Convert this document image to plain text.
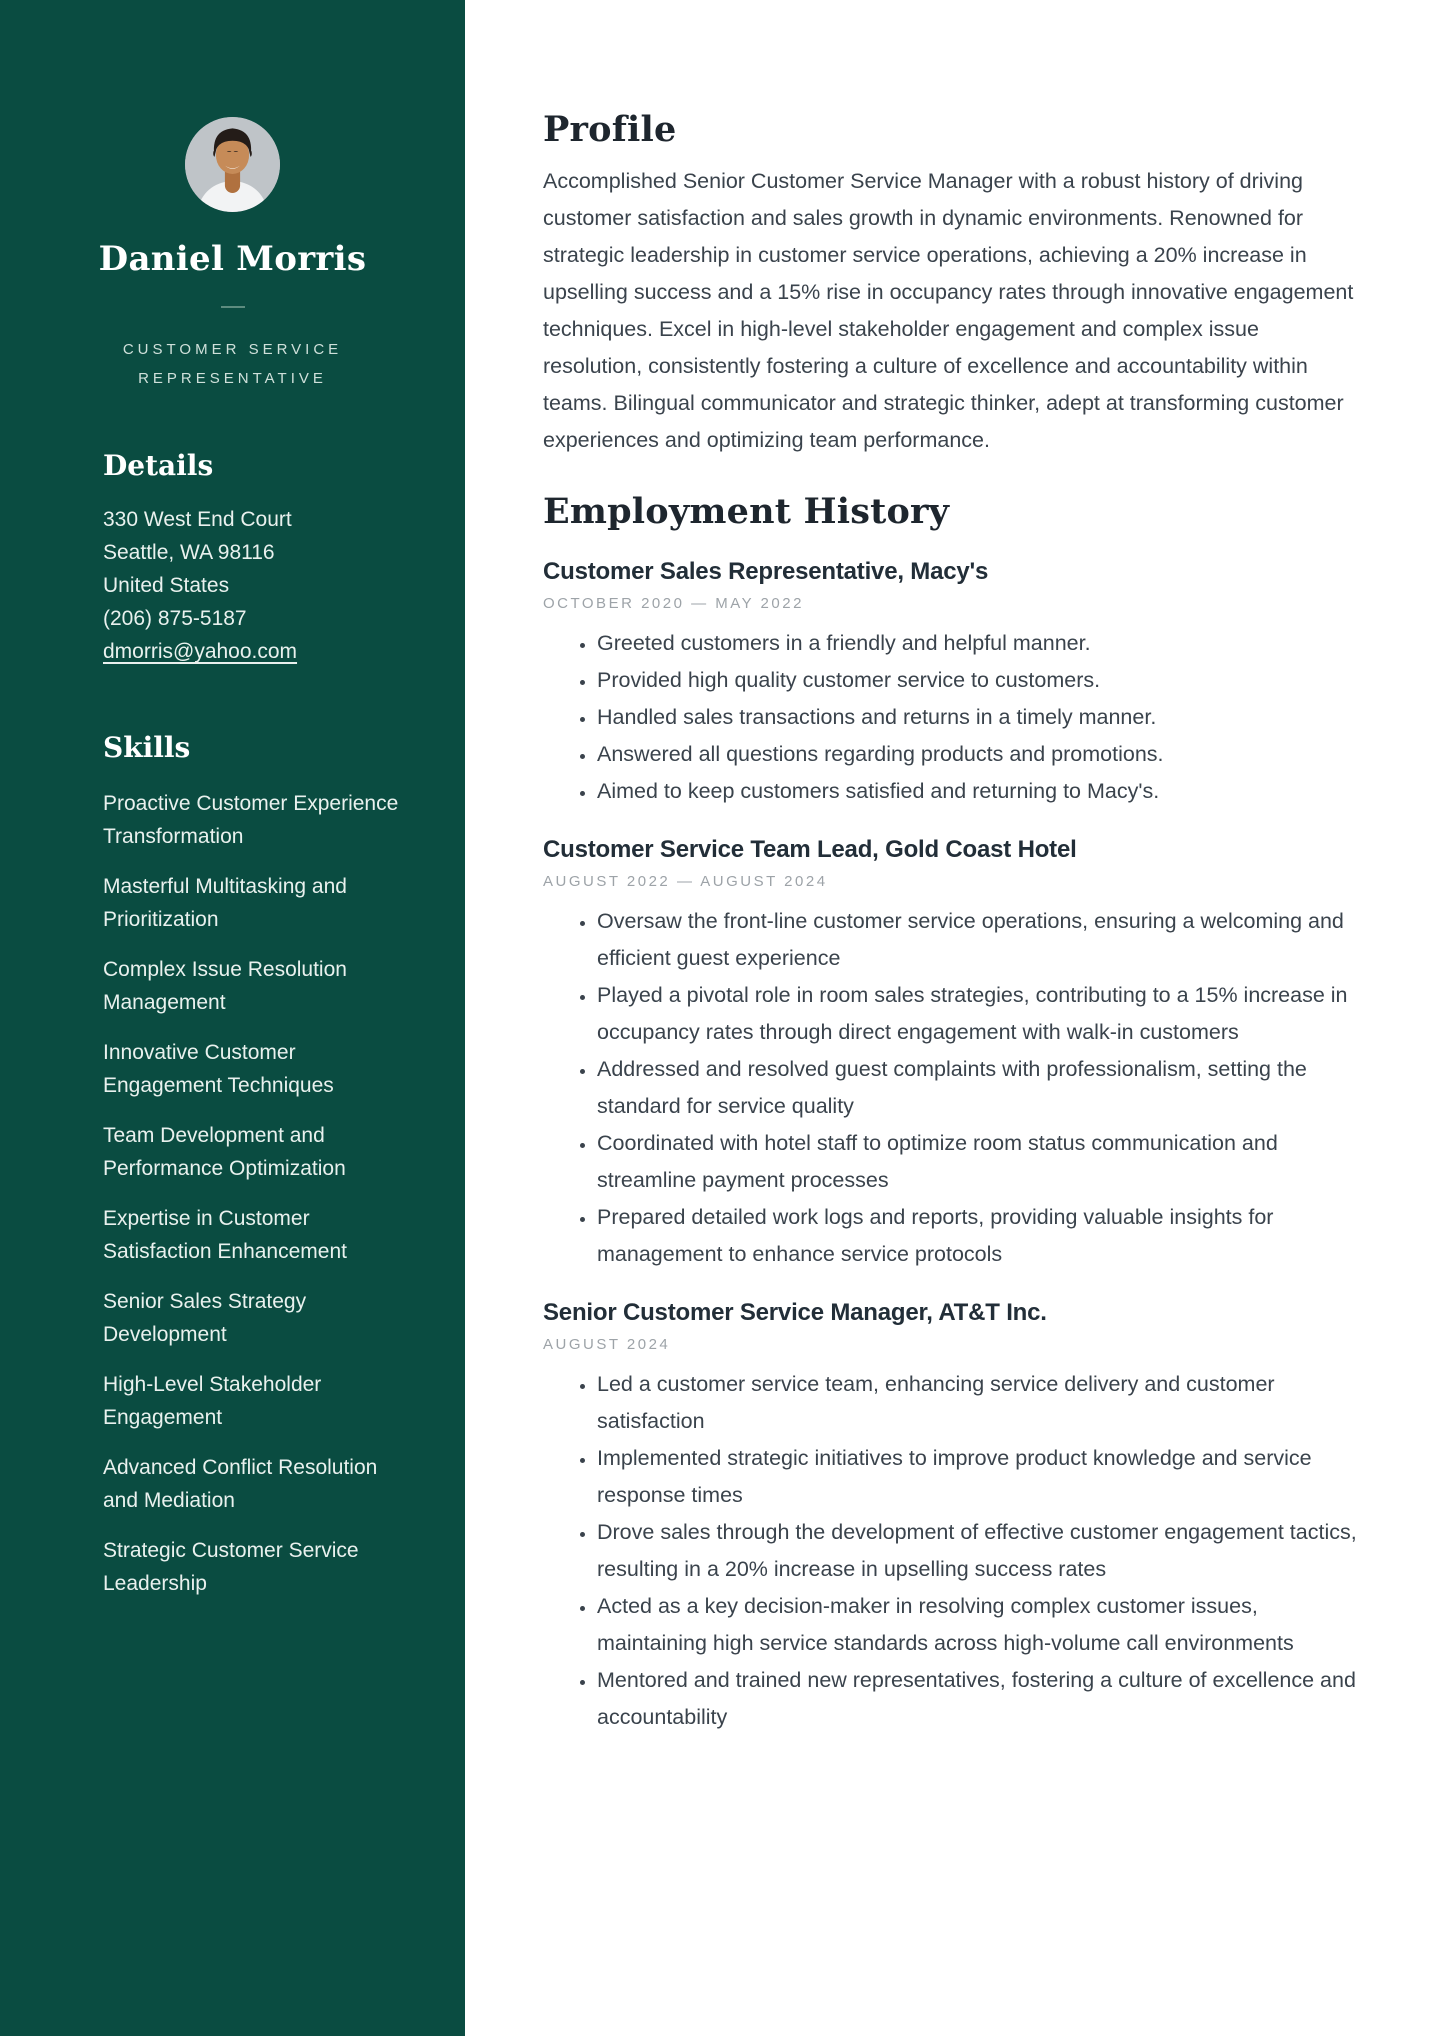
Daniel Morris
CUSTOMER SERVICE
REPRESENTATIVE
Details
330 West End Court
Seattle, WA 98116
United States
(206) 875-5187
dmorris@yahoo.com
Skills
Proactive Customer Experience Transformation
Masterful Multitasking and Prioritization
Complex Issue Resolution Management
Innovative Customer Engagement Techniques
Team Development and Performance Optimization
Expertise in Customer Satisfaction Enhancement
Senior Sales Strategy Development
High-Level Stakeholder Engagement
Advanced Conflict Resolution and Mediation
Strategic Customer Service Leadership
Profile

Accomplished Senior Customer Service Manager with a robust history of driving customer satisfaction and sales growth in dynamic environments. Renowned for strategic leadership in customer service operations, achieving a 20% increase in upselling success and a 15% rise in occupancy rates through innovative engagement techniques. Excel in high-level stakeholder engagement and complex issue resolution, consistently fostering a culture of excellence and accountability within teams. Bilingual communicator and strategic thinker, adept at transforming customer experiences and optimizing team performance.

Employment History
Customer Sales Representative, Macy's
OCTOBER 2020 — MAY 2022
• Greeted customers in a friendly and helpful manner.
• Provided high quality customer service to customers.
• Handled sales transactions and returns in a timely manner.
• Answered all questions regarding products and promotions.
• Aimed to keep customers satisfied and returning to Macy's.
Customer Service Team Lead, Gold Coast Hotel
AUGUST 2022 — AUGUST 2024
• Oversaw the front-line customer service operations, ensuring a welcoming and efficient guest experience
• Played a pivotal role in room sales strategies, contributing to a 15% increase in occupancy rates through direct engagement with walk-in customers
• Addressed and resolved guest complaints with professionalism, setting the standard for service quality
• Coordinated with hotel staff to optimize room status communication and streamline payment processes
• Prepared detailed work logs and reports, providing valuable insights for management to enhance service protocols
Senior Customer Service Manager, AT&T Inc.
AUGUST 2024
• Led a customer service team, enhancing service delivery and customer satisfaction
• Implemented strategic initiatives to improve product knowledge and service response times
• Drove sales through the development of effective customer engagement tactics, resulting in a 20% increase in upselling success rates
• Acted as a key decision-maker in resolving complex customer issues, maintaining high service standards across high-volume call environments
• Mentored and trained new representatives, fostering a culture of excellence and accountability
